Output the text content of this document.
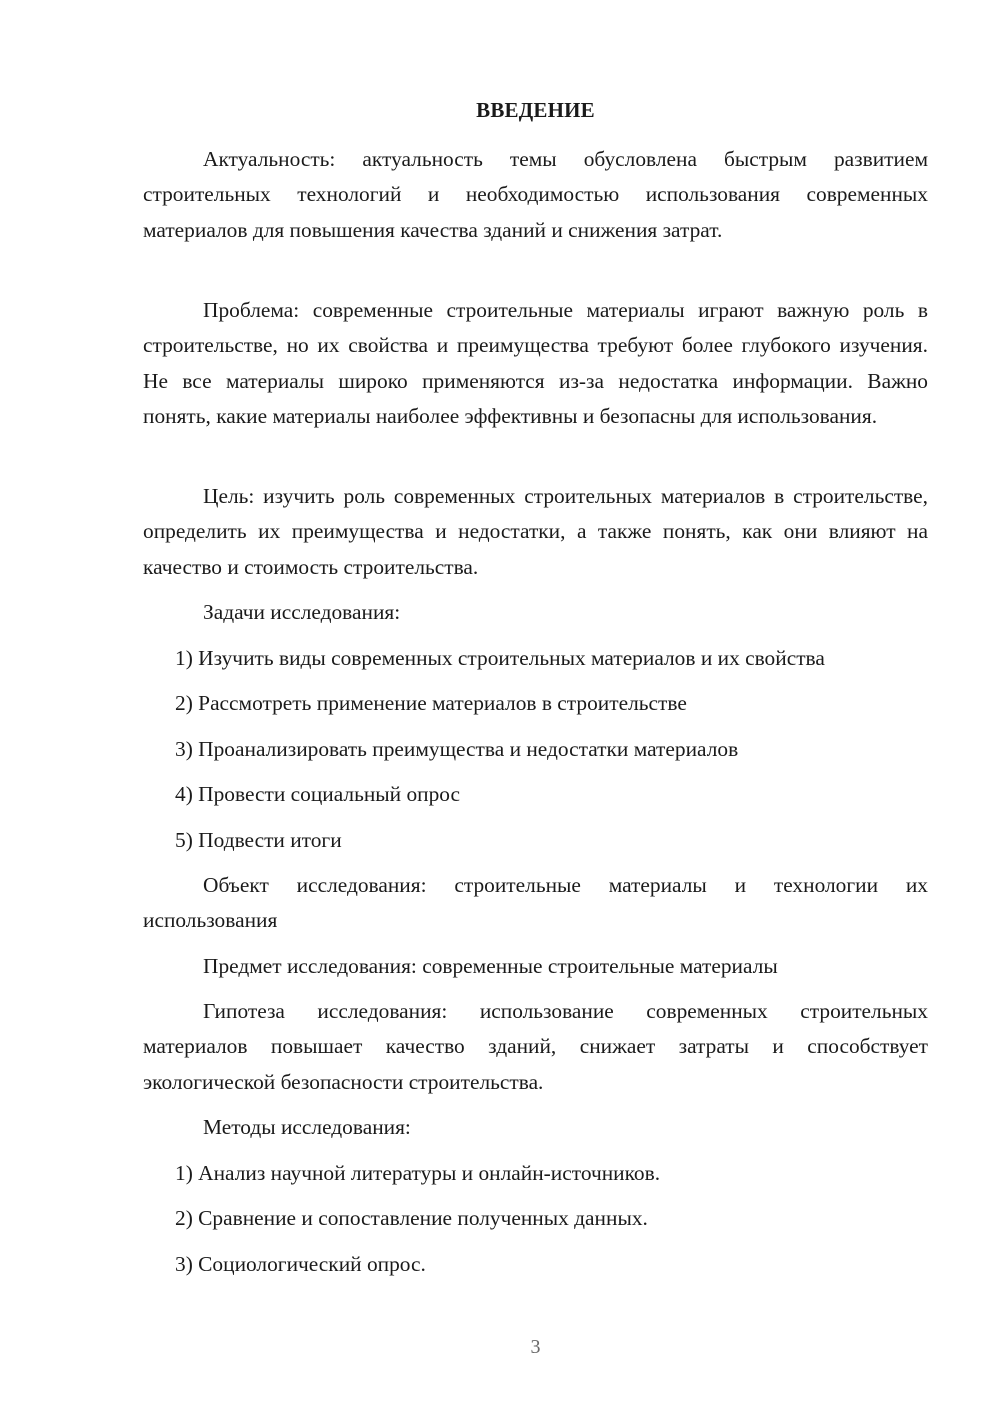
ВВЕДЕНИЕ

Актуальность: актуальность темы обусловлена быстрым развитием строительных технологий и необходимостью использования современных материалов для повышения качества зданий и снижения затрат.

Проблема: современные строительные материалы играют важную роль в строительстве, но их свойства и преимущества требуют более глубокого изучения. Не все материалы широко применяются из-за недостатка информации. Важно понять, какие материалы наиболее эффективны и безопасны для использования.

Цель: изучить роль современных строительных материалов в строительстве, определить их преимущества и недостатки, а также понять, как они влияют на качество и стоимость строительства.

Задачи исследования:

1) Изучить виды современных строительных материалов и их свойства

2) Рассмотреть применение материалов в строительстве

3) Проанализировать преимущества и недостатки материалов

4) Провести социальный опрос

5) Подвести итоги

Объект исследования: строительные материалы и технологии их использования

Предмет исследования: современные строительные материалы

Гипотеза исследования: использование современных строительных материалов повышает качество зданий, снижает затраты и способствует экологической безопасности строительства.

Методы исследования:

1) Анализ научной литературы и онлайн-источников.

2) Сравнение и сопоставление полученных данных.

3) Социологический опрос.

3
